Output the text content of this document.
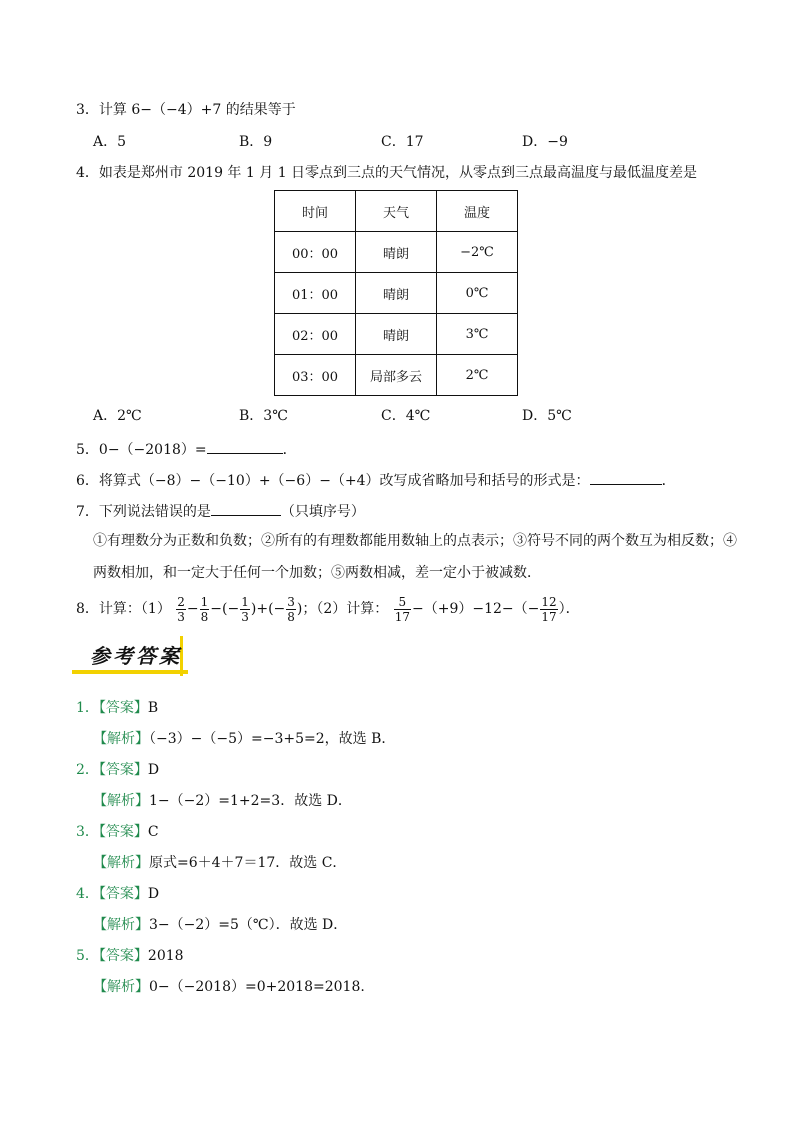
3．计算 6−（−4）+7 的结果等于
A．5	B．9	C．17	D．−9
4．如表是郑州市 2019 年 1 月 1 日零点到三点的天气情况，从零点到三点最高温度与最低温度差是
时间	天气	温度
00：00	晴朗	−2℃
01：00	晴朗	0℃
02：00	晴朗	3℃
03：00	局部多云	2℃
A．2℃	B．3℃	C．4℃	D．5℃
5．0−（−2018）=	．
6．将算式（−8）−（−10）+（−6）−（+4）改写成省略加号和括号的形式是：	．
7．下列说法错误的是	（只填序号）
①有理数分为正数和负数；②所有的有理数都能用数轴上的点表示；③符号不同的两个数互为相反数；④
两数相加，和一定大于任何一个加数；⑤两数相减，差一定小于被减数．
8．计算：$(1) \frac{2}{3} - \frac{1}{8}$ −(− $\frac{1}{3}$ )+(− $\frac{3}{8}$ )；（2）计算： $\frac{5}{17} -(+9)-12-(- \frac{12}{17}$ ）．
参考答案
1．【答案】B
【解析】（−3）−（−5）=−3+5=2，故选 B．
2．【答案】D
【解析】1−（−2）=1+2=3．故选 D．
3．【答案】C
【解析】原式=6＋4＋7＝17．故选 C．
4．【答案】D
【解析】3−（−2）=5（℃）．故选 D．
5．【答案】2018
【解析】0−（−2018）=0+2018=2018.
